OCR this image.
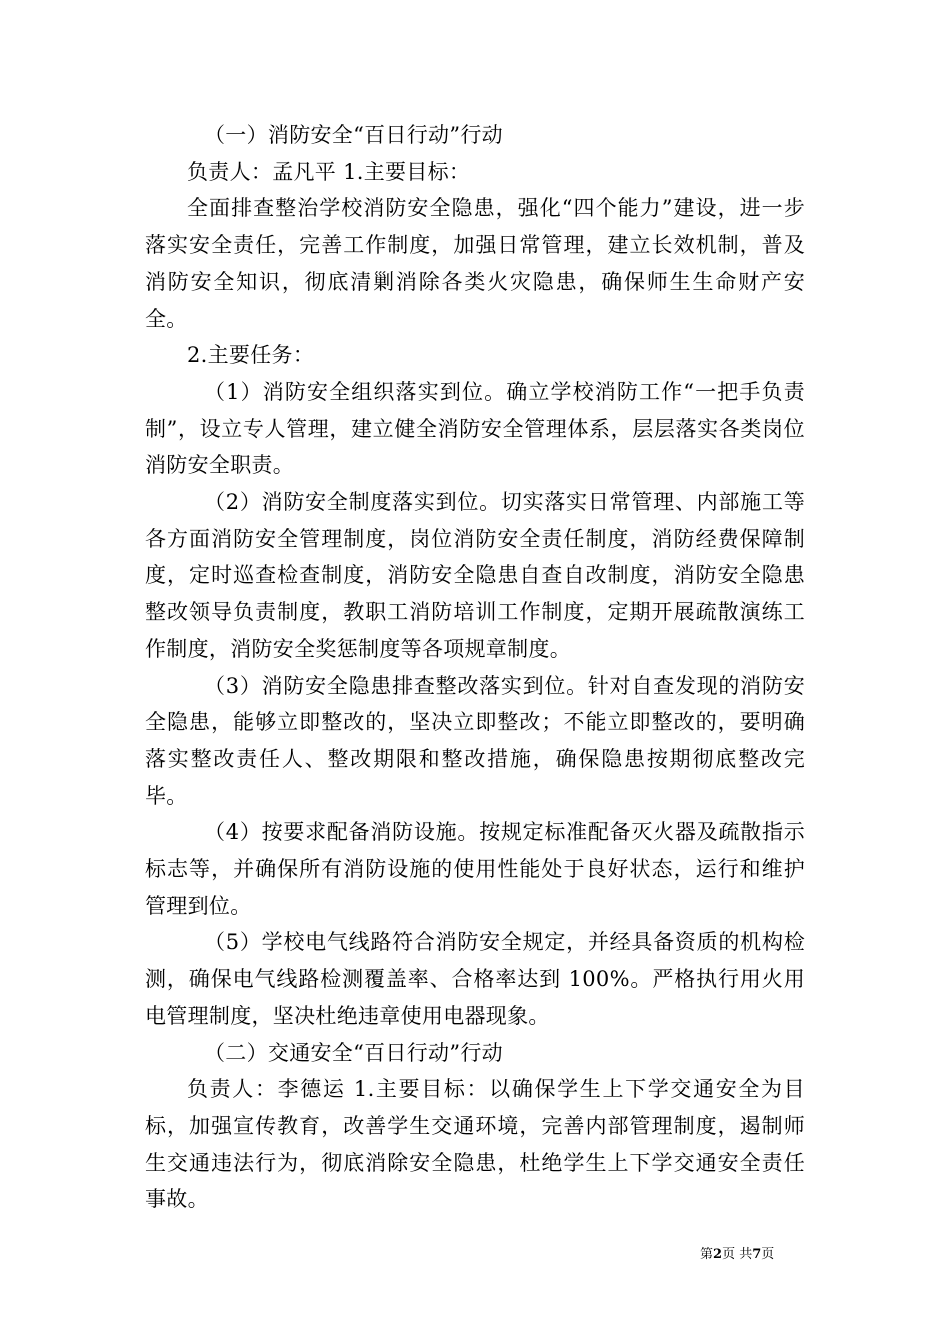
（一）消防安全“百日行动”行动

负责人：孟凡平 1.主要目标：

全面排查整治学校消防安全隐患，强化“四个能力”建设，进一步落实安全责任，完善工作制度，加强日常管理，建立长效机制，普及消防安全知识，彻底清剿消除各类火灾隐患，确保师生生命财产安全。

2.主要任务：

（1）消防安全组织落实到位。确立学校消防工作“一把手负责制”，设立专人管理，建立健全消防安全管理体系，层层落实各类岗位消防安全职责。

（2）消防安全制度落实到位。切实落实日常管理、内部施工等各方面消防安全管理制度，岗位消防安全责任制度，消防经费保障制度，定时巡查检查制度，消防安全隐患自查自改制度，消防安全隐患整改领导负责制度，教职工消防培训工作制度，定期开展疏散演练工作制度，消防安全奖惩制度等各项规章制度。

（3）消防安全隐患排查整改落实到位。针对自查发现的消防安全隐患，能够立即整改的，坚决立即整改；不能立即整改的，要明确落实整改责任人、整改期限和整改措施，确保隐患按期彻底整改完毕。

（4）按要求配备消防设施。按规定标准配备灭火器及疏散指示标志等，并确保所有消防设施的使用性能处于良好状态，运行和维护管理到位。

（5）学校电气线路符合消防安全规定，并经具备资质的机构检测，确保电气线路检测覆盖率、合格率达到 100%。严格执行用火用电管理制度，坚决杜绝违章使用电器现象。

（二）交通安全“百日行动”行动

负责人：李德运 1.主要目标：以确保学生上下学交通安全为目标，加强宣传教育，改善学生交通环境，完善内部管理制度，遏制师生交通违法行为，彻底消除安全隐患，杜绝学生上下学交通安全责任事故。

第2页 共7页
